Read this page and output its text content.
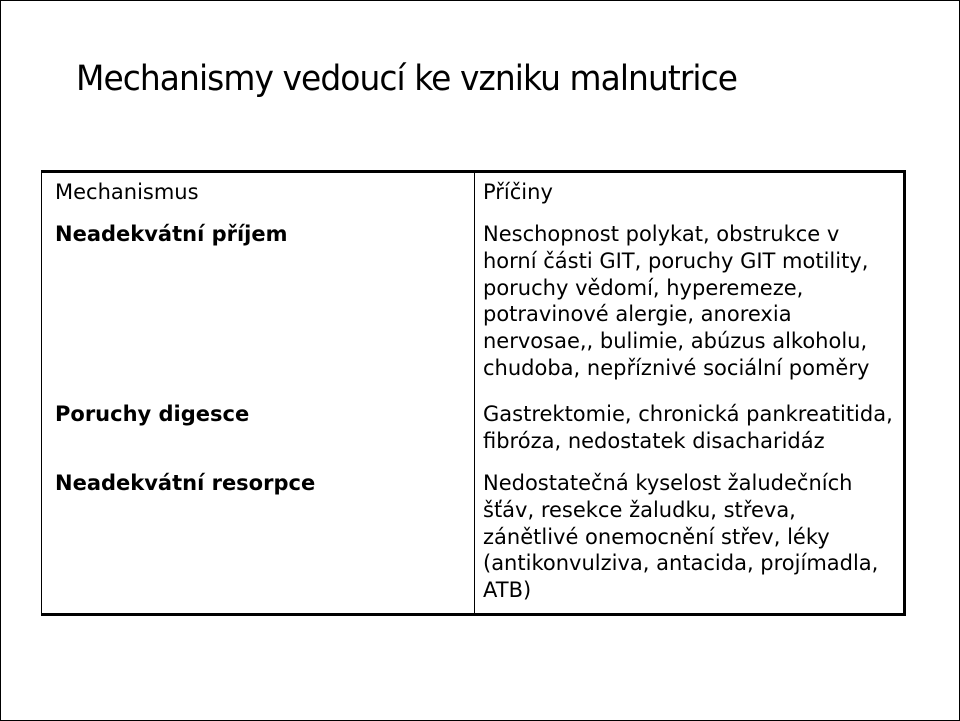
Mechanismy vedoucí ke vzniku malnutrice
Mechanismus	Příčiny
Neadekvátní příjem	Neschopnost polykat, obstrukce v
horní části GIT, poruchy GIT motility,
poruchy vědomí, hyperemeze,
potravinové alergie, anorexia
nervosae,, bulimie, abúzus alkoholu,
chudoba, nepříznivé sociální poměry
Poruchy digesce	Gastrektomie, chronická pankreatitida,
fibróza, nedostatek disacharidáz
Neadekvátní resorpce	Nedostatečná kyselost žaludečních
šťáv, resekce žaludku, střeva,
zánětlivé onemocnění střev, léky
(antikonvulziva, antacida, projímadla,
ATB)
